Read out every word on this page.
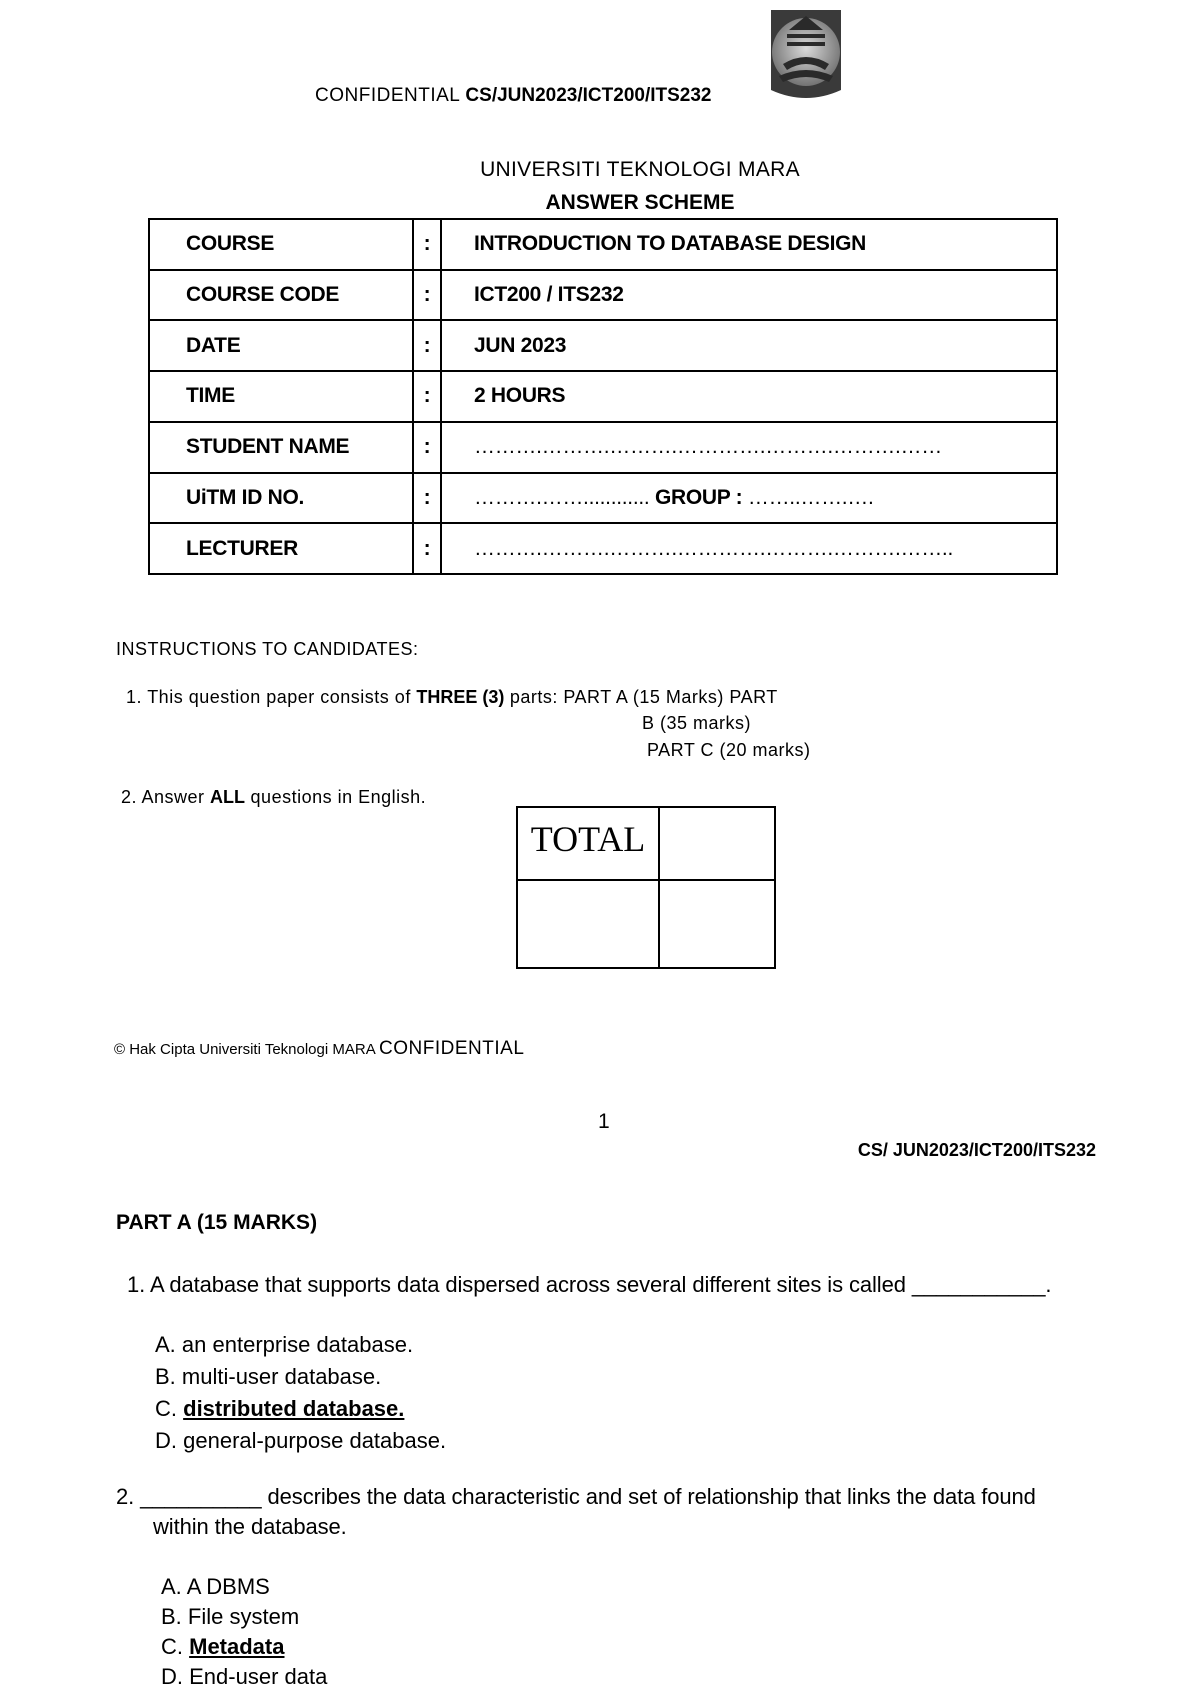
CONFIDENTIAL CS/JUN2023/ICT200/ITS232
UNIVERSITI TEKNOLOGI MARA
ANSWER SCHEME
COURSE	:	INTRODUCTION TO DATABASE DESIGN
COURSE CODE	:	ICT200 / ITS232
DATE	:	JUN 2023
TIME	:	2 HOURS
STUDENT NAME	:	……….……….……….………….……….……….……
UiTM ID NO.	:	……….……............ GROUP : ……..…….….
LECTURER	:	……….……….……….………….……….……….……..
INSTRUCTIONS TO CANDIDATES:
1. This question paper consists of THREE (3) parts: PART A (15 Marks) PART
B (35 marks)
PART C (20 marks)
2. Answer ALL questions in English.
TOTAL	

© Hak Cipta Universiti Teknologi MARA CONFIDENTIAL
1
CS/ JUN2023/ICT200/ITS232
PART A (15 MARKS)
1. A database that supports data dispersed across several different sites is called ___________.
A. an enterprise database.
B. multi-user database.
C. distributed database.
D. general-purpose database.
2. __________ describes the data characteristic and set of relationship that links the data found
within the database.
A. A DBMS
B. File system
C. Metadata
D. End-user data
